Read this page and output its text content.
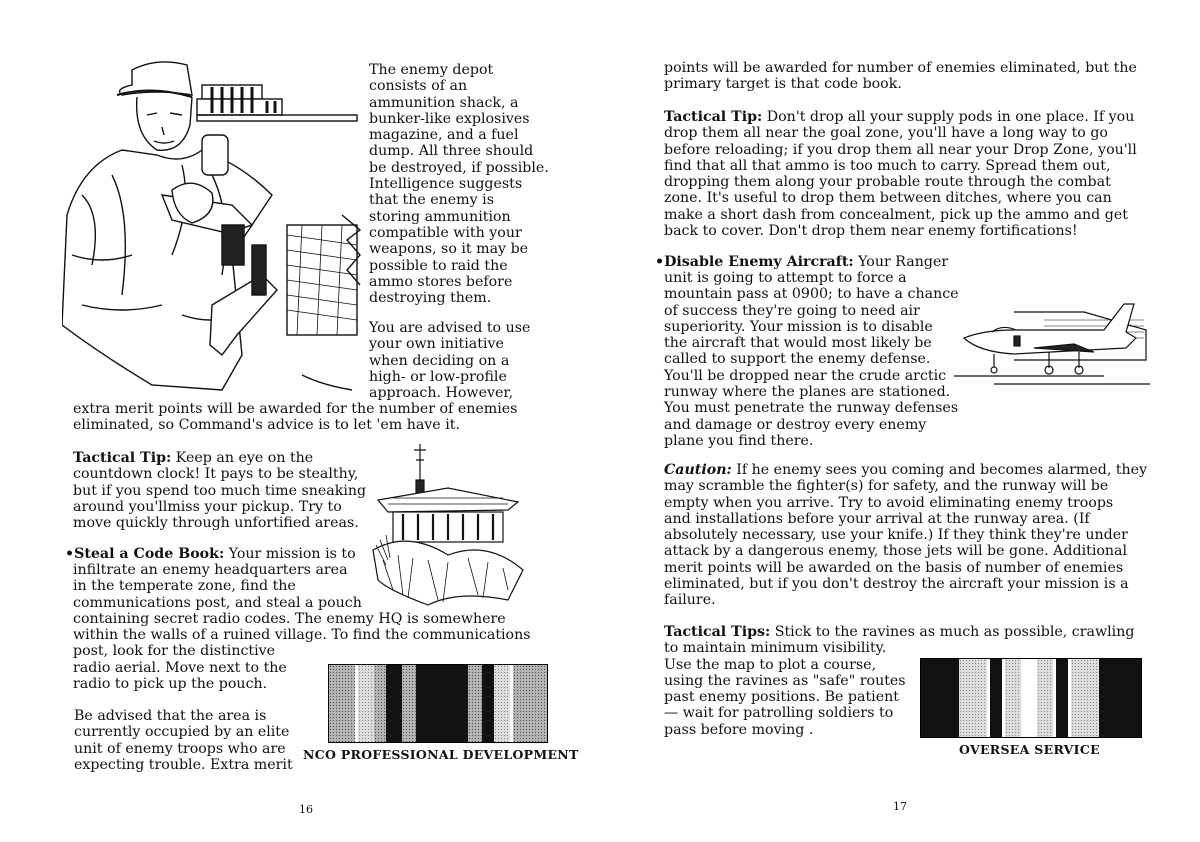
The enemy depot
consists of an
ammunition shack, a
bunker-like explosives
magazine, and a fuel
dump. All three should
be destroyed, if possible.
Intelligence suggests
that the enemy is
storing ammunition
compatible with your
weapons, so it may be
possible to raid the
ammo stores before
destroying them.
You are advised to use
your own initiative
when deciding on a
high- or low-profile
approach. However,
extra merit points will be awarded for the number of enemies
eliminated, so Command's advice is to let 'em have it.
Tactical Tip: Keep an eye on the
countdown clock! It pays to be stealthy,
but if you spend too much time sneaking
around you'llmiss your pickup. Try to
move quickly through unfortified areas.
•Steal a Code Book: Your mission is to
infiltrate an enemy headquarters area
in the temperate zone, find the
communications post, and steal a pouch
containing secret radio codes. The enemy HQ is somewhere
within the walls of a ruined village. To find the communications
post, look for the distinctive
radio aerial. Move next to the
radio to pick up the pouch.
Be advised that the area is
currently occupied by an elite
unit of enemy troops who are
expecting trouble. Extra merit
NCO PROFESSIONAL DEVELOPMENT
16
points will be awarded for number of enemies eliminated, but the
primary target is that code book.
Tactical Tip: Don't drop all your supply pods in one place. If you
drop them all near the goal zone, you'll have a long way to go
before reloading; if you drop them all near your Drop Zone, you'll
find that all that ammo is too much to carry. Spread them out,
dropping them along your probable route through the combat
zone. It's useful to drop them between ditches, where you can
make a short dash from concealment, pick up the ammo and get
back to cover. Don't drop them near enemy fortifications!
•Disable Enemy Aircraft: Your Ranger
unit is going to attempt to force a
mountain pass at 0900; to have a chance
of success they're going to need air
superiority. Your mission is to disable
the aircraft that would most likely be
called to support the enemy defense.
You'll be dropped near the crude arctic
runway where the planes are stationed.
You must penetrate the runway defenses
and damage or destroy every enemy
plane you find there.
Caution: If he enemy sees you coming and becomes alarmed, they
may scramble the fighter(s) for safety, and the runway will be
empty when you arrive. Try to avoid eliminating enemy troops
and installations before your arrival at the runway area. (If
absolutely necessary, use your knife.) If they think they're under
attack by a dangerous enemy, those jets will be gone. Additional
merit points will be awarded on the basis of number of enemies
eliminated, but if you don't destroy the aircraft your mission is a
failure.
Tactical Tips: Stick to the ravines as much as possible, crawling
to maintain minimum visibility.
Use the map to plot a course,
using the ravines as "safe" routes
past enemy positions. Be patient
— wait for patrolling soldiers to
pass before moving .
OVERSEA SERVICE
17
